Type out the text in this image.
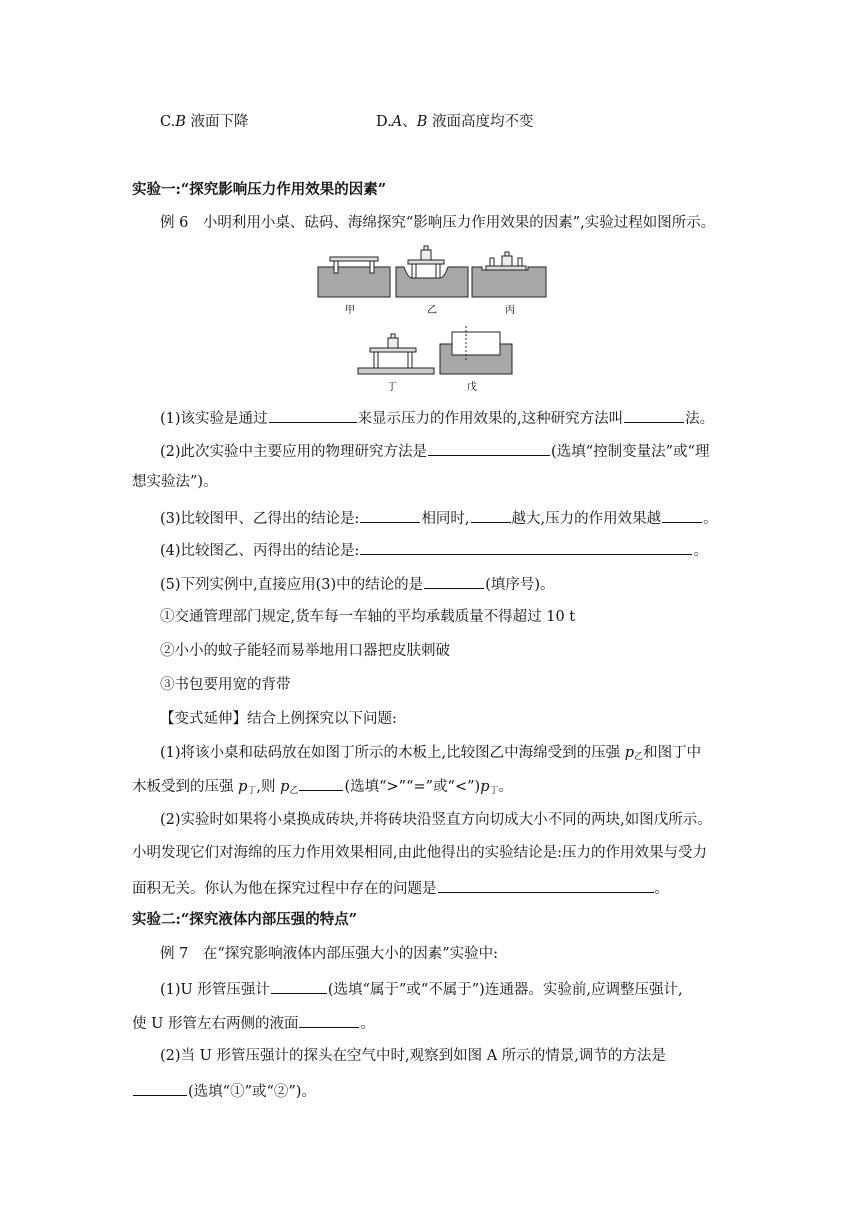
C.B 液面下降	D.A、B 液面高度均不变
实验一:“探究影响压力作用效果的因素”
例 6　小明利用小桌、砝码、海绵探究“影响压力作用效果的因素”,实验过程如图所示。
甲	乙	丙
丁	戊
(1)该实验是通过	来显示压力的作用效果的,这种研究方法叫	法。
(2)此次实验中主要应用的物理研究方法是	(选填“控制变量法”或“理
想实验法”)。
(3)比较图甲、乙得出的结论是:	相同时,	越大,压力的作用效果越	。
(4)比较图乙、丙得出的结论是:	。
(5)下列实例中,直接应用(3)中的结论的是	(填序号)。
①交通管理部门规定,货车每一车轴的平均承载质量不得超过 10 t
②小小的蚊子能轻而易举地用口器把皮肤刺破
③书包要用宽的背带
【变式延伸】结合上例探究以下问题:
(1)将该小桌和砝码放在如图丁所示的木板上,比较图乙中海绵受到的压强 $p_乙$和图丁中
木板受到的压强 $p_丁$,则 $p_乙$	(选填“>”“=”或“$<”)p_丁$。
(2)实验时如果将小桌换成砖块,并将砖块沿竖直方向切成大小不同的两块,如图戊所示。
小明发现它们对海绵的压力作用效果相同,由此他得出的实验结论是:压力的作用效果与受力
面积无关。你认为他在探究过程中存在的问题是	。
实验二:“探究液体内部压强的特点”
例 7　在“探究影响液体内部压强大小的因素”实验中:
(1)U 形管压强计	(选填“属于”或“不属于”)连通器。实验前,应调整压强计,
使 U 形管左右两侧的液面	。
(2)当 U 形管压强计的探头在空气中时,观察到如图 A 所示的情景,调节的方法是
(选填“①”或“②”)。
